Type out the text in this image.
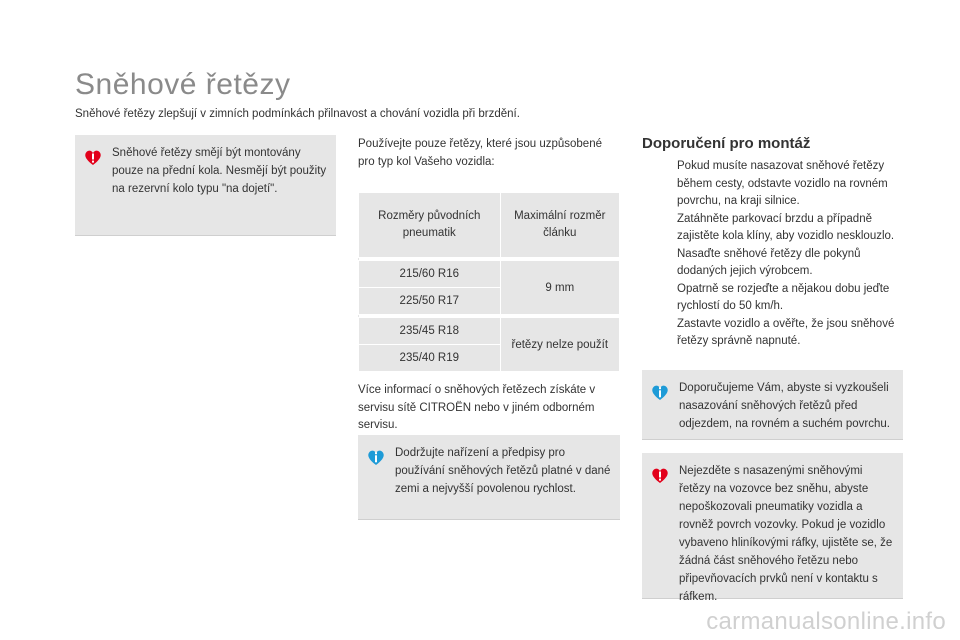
Sněhové řetězy
Sněhové řetězy zlepšují v zimních podmínkách přilnavost a chování vozidla při brzdění.
Sněhové řetězy smějí být montovány pouze na přední kola. Nesmějí být použity na rezervní kolo typu "na dojetí".
Používejte pouze řetězy, které jsou uzpůsobené pro typ kol Vašeho vozidla:
Rozměry původních pneumatik	Maximální rozměr článku

215/60 R16	9 mm
225/50 R17	

235/45 R18	řetězy nelze použít
235/40 R19	
Více informací o sněhových řetězech získáte v servisu sítě CITROËN nebo v jiném odborném servisu.
Dodržujte nařízení a předpisy pro používání sněhových řetězů platné v dané zemi a nejvyšší povolenou rychlost.
Doporučení pro montáž
Pokud musíte nasazovat sněhové řetězy během cesty, odstavte vozidlo na rovném povrchu, na kraji silnice.
Zatáhněte parkovací brzdu a případně zajistěte kola klíny, aby vozidlo nesklouzlo.
Nasaďte sněhové řetězy dle pokynů dodaných jejich výrobcem.
Opatrně se rozjeďte a nějakou dobu jeďte rychlostí do 50 km/h.
Zastavte vozidlo a ověřte, že jsou sněhové řetězy správně napnuté.
Doporučujeme Vám, abyste si vyzkoušeli nasazování sněhových řetězů před odjezdem, na rovném a suchém povrchu.
Nejezděte s nasazenými sněhovými řetězy na vozovce bez sněhu, abyste nepoškozovali pneumatiky vozidla a rovněž povrch vozovky. Pokud je vozidlo vybaveno hliníkovými ráfky, ujistěte se, že žádná část sněhového řetězu nebo připevňovacích prvků není v kontaktu s ráfkem.
carmanualsonline.info
